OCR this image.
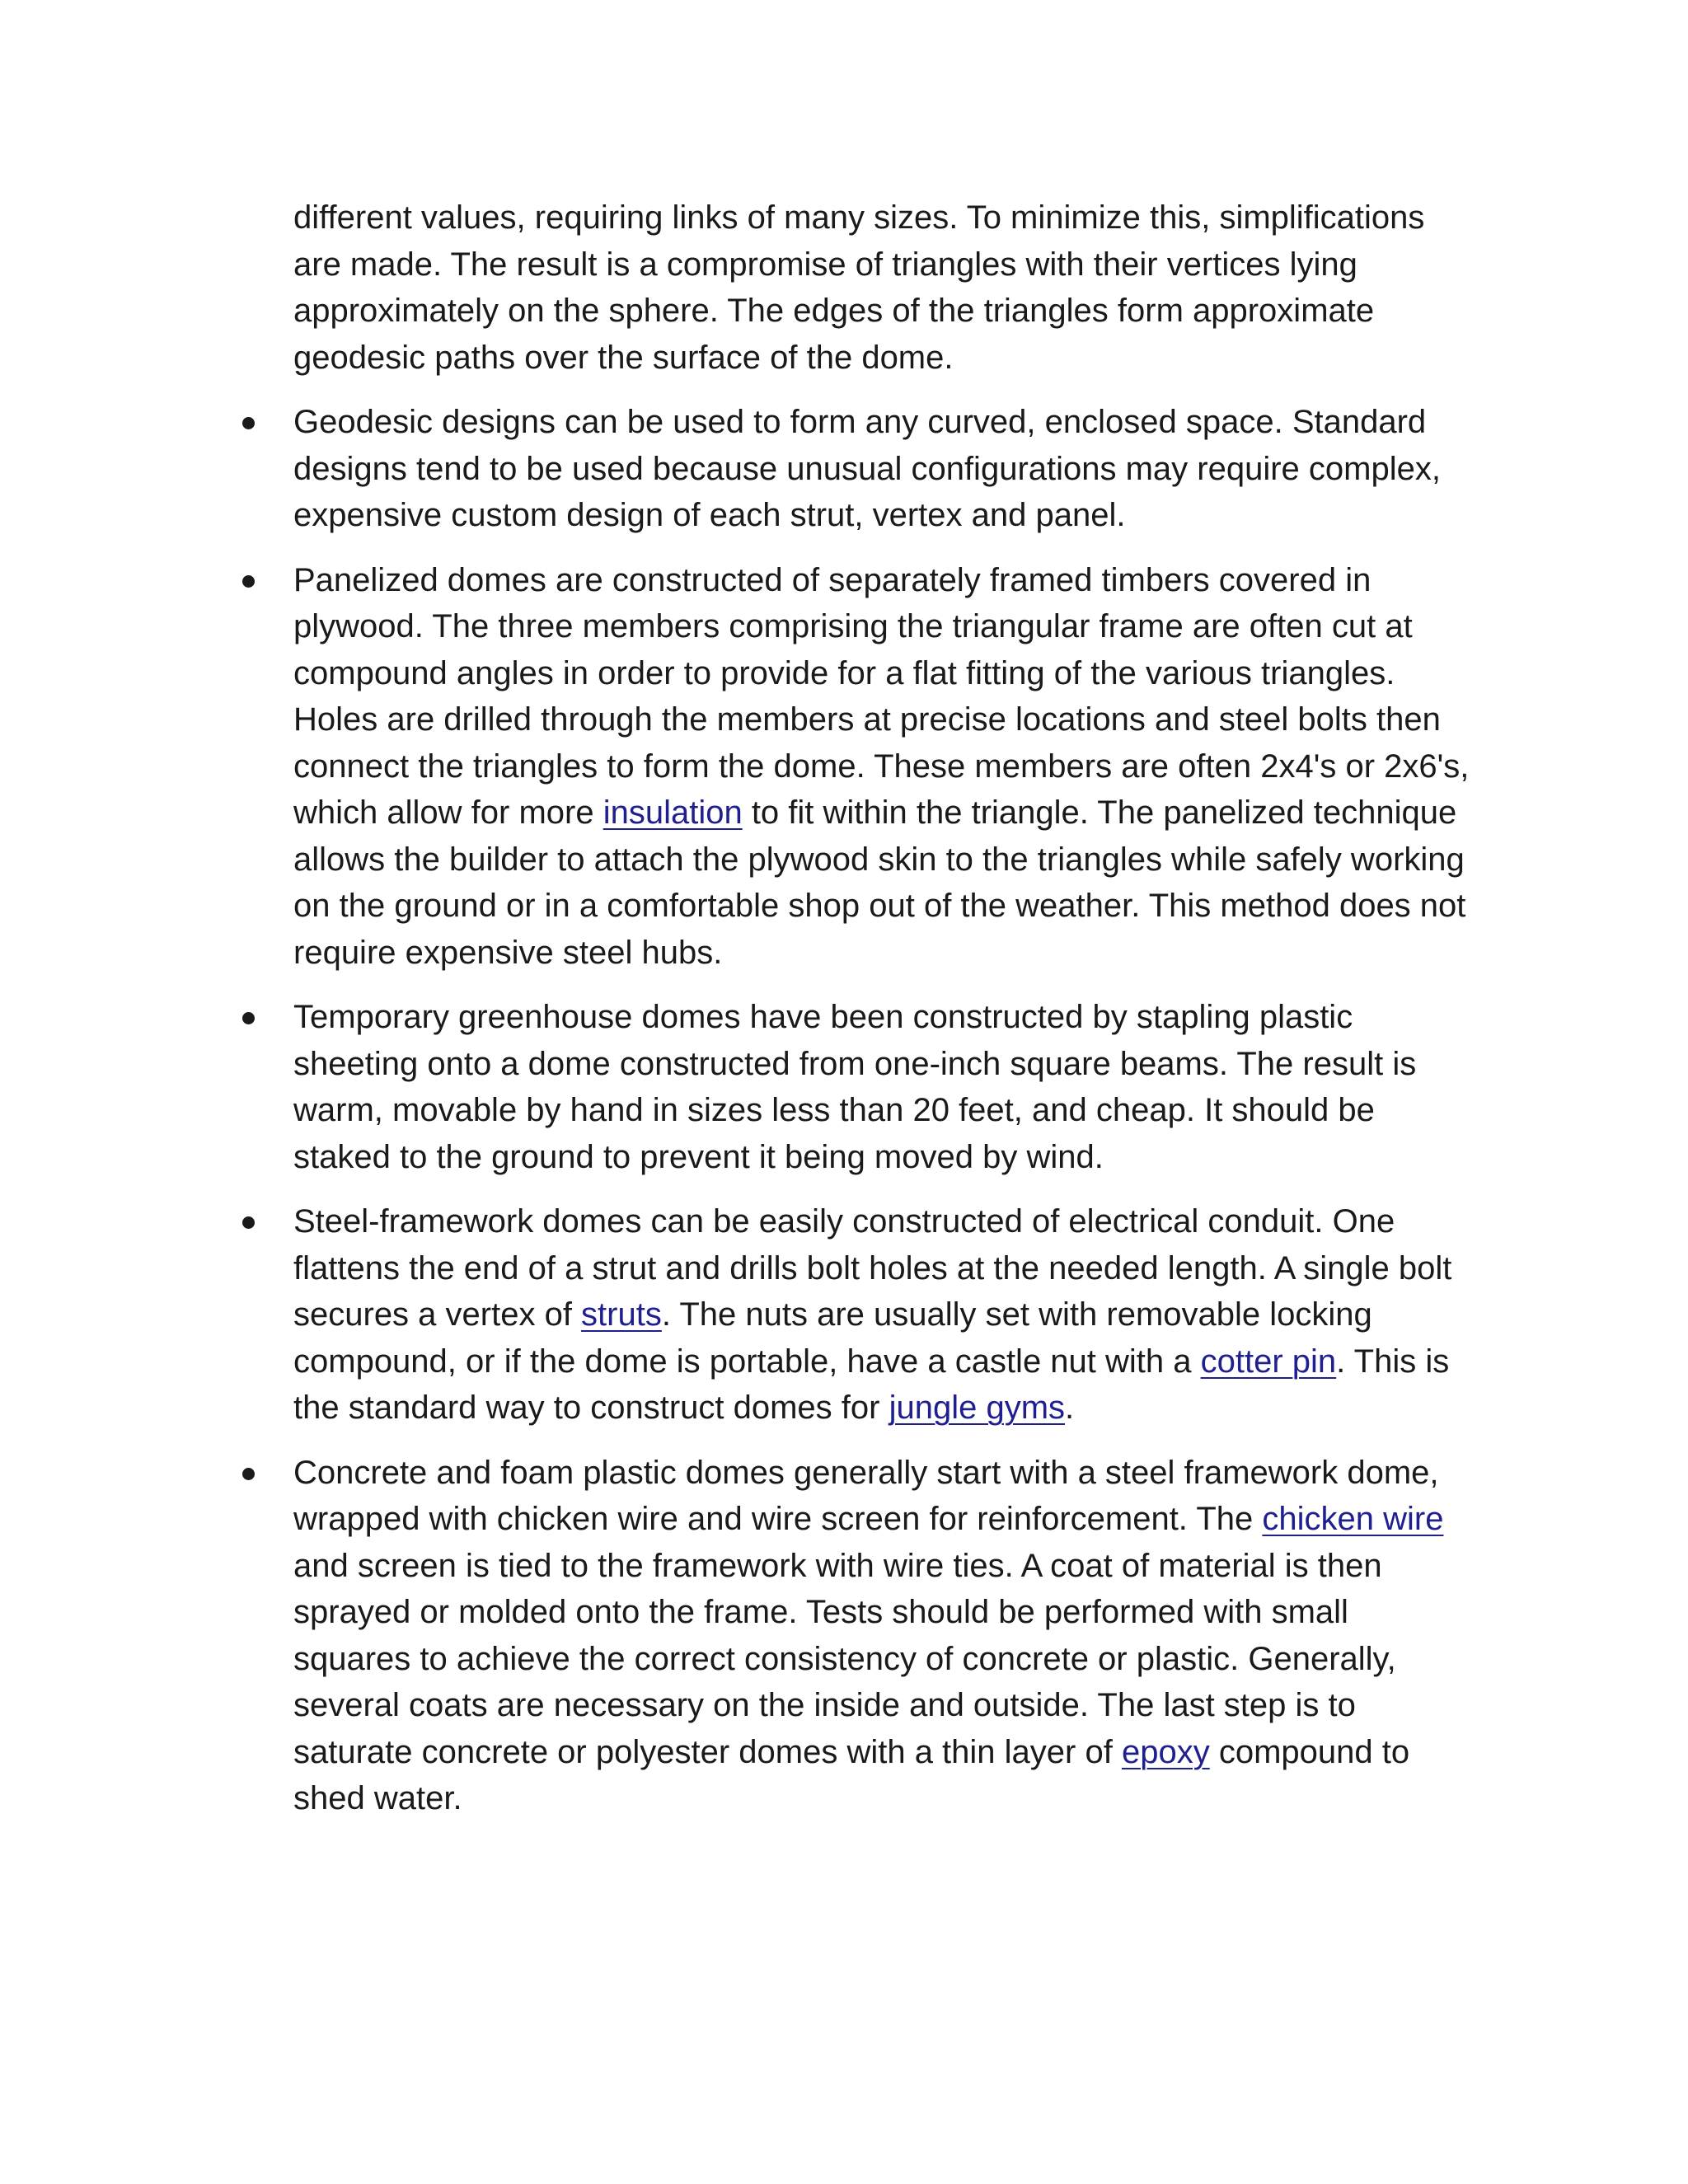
different values, requiring links of many sizes. To minimize this, simplifications are made. The result is a compromise of triangles with their vertices lying approximately on the sphere. The edges of the triangles form approximate geodesic paths over the surface of the dome.

Geodesic designs can be used to form any curved, enclosed space. Standard designs tend to be used because unusual configurations may require complex, expensive custom design of each strut, vertex and panel.
Panelized domes are constructed of separately framed timbers covered in plywood. The three members comprising the triangular frame are often cut at compound angles in order to provide for a flat fitting of the various triangles. Holes are drilled through the members at precise locations and steel bolts then connect the triangles to form the dome. These members are often 2x4's or 2x6's, which allow for more insulation to fit within the triangle. The panelized technique allows the builder to attach the plywood skin to the triangles while safely working on the ground or in a comfortable shop out of the weather. This method does not require expensive steel hubs.
Temporary greenhouse domes have been constructed by stapling plastic sheeting onto a dome constructed from one-inch square beams. The result is warm, movable by hand in sizes less than 20 feet, and cheap. It should be staked to the ground to prevent it being moved by wind.
Steel-framework domes can be easily constructed of electrical conduit. One flattens the end of a strut and drills bolt holes at the needed length. A single bolt secures a vertex of struts. The nuts are usually set with removable locking compound, or if the dome is portable, have a castle nut with a cotter pin. This is the standard way to construct domes for jungle gyms.
Concrete and foam plastic domes generally start with a steel framework dome, wrapped with chicken wire and wire screen for reinforcement. The chicken wire and screen is tied to the framework with wire ties. A coat of material is then sprayed or molded onto the frame. Tests should be performed with small squares to achieve the correct consistency of concrete or plastic. Generally, several coats are necessary on the inside and outside. The last step is to saturate concrete or polyester domes with a thin layer of epoxy compound to shed water.
